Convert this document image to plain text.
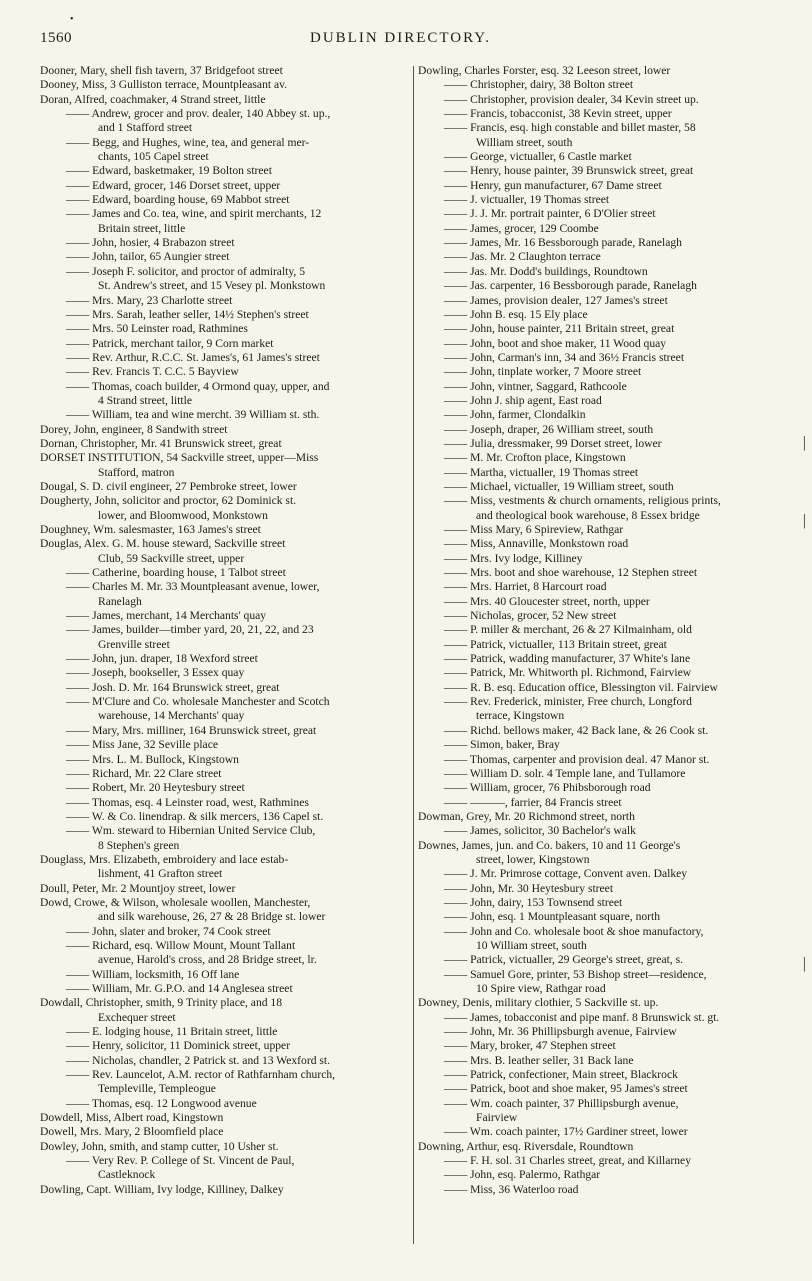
•
1560	DUBLIN DIRECTORY.
Dooner, Mary, shell fish tavern, 37 Bridgefoot street
Dooney, Miss, 3 Gulliston terrace, Mountpleasant av.
Doran, Alfred, coachmaker, 4 Strand street, little
—— Andrew, grocer and prov. dealer, 140 Abbey st. up.,
and 1 Stafford street
—— Begg, and Hughes, wine, tea, and general mer-
chants, 105 Capel street
—— Edward, basketmaker, 19 Bolton street
—— Edward, grocer, 146 Dorset street, upper
—— Edward, boarding house, 69 Mabbot street
—— James and Co. tea, wine, and spirit merchants, 12
Britain street, little
—— John, hosier, 4 Brabazon street
—— John, tailor, 65 Aungier street
—— Joseph F. solicitor, and proctor of admiralty, 5
St. Andrew's street, and 15 Vesey pl. Monkstown
—— Mrs. Mary, 23 Charlotte street
—— Mrs. Sarah, leather seller, 14½ Stephen's street
—— Mrs. 50 Leinster road, Rathmines
—— Patrick, merchant tailor, 9 Corn market
—— Rev. Arthur, R.C.C. St. James's, 61 James's street
—— Rev. Francis T. C.C. 5 Bayview
—— Thomas, coach builder, 4 Ormond quay, upper, and
4 Strand street, little
—— William, tea and wine mercht. 39 William st. sth.
Dorey, John, engineer, 8 Sandwith street
Dornan, Christopher, Mr. 41 Brunswick street, great
DORSET INSTITUTION, 54 Sackville street, upper—Miss
Stafford, matron
Dougal, S. D. civil engineer, 27 Pembroke street, lower
Dougherty, John, solicitor and proctor, 62 Dominick st.
lower, and Bloomwood, Monkstown
Doughney, Wm. salesmaster, 163 James's street
Douglas, Alex. G. M. house steward, Sackville street
Club, 59 Sackville street, upper
—— Catherine, boarding house, 1 Talbot street
—— Charles M. Mr. 33 Mountpleasant avenue, lower,
Ranelagh
—— James, merchant, 14 Merchants' quay
—— James, builder—timber yard, 20, 21, 22, and 23
Grenville street
—— John, jun. draper, 18 Wexford street
—— Joseph, bookseller, 3 Essex quay
—— Josh. D. Mr. 164 Brunswick street, great
—— M'Clure and Co. wholesale Manchester and Scotch
warehouse, 14 Merchants' quay
—— Mary, Mrs. milliner, 164 Brunswick street, great
—— Miss Jane, 32 Seville place
—— Mrs. L. M. Bullock, Kingstown
—— Richard, Mr. 22 Clare street
—— Robert, Mr. 20 Heytesbury street
—— Thomas, esq. 4 Leinster road, west, Rathmines
—— W. & Co. linendrap. & silk mercers, 136 Capel st.
—— Wm. steward to Hibernian United Service Club,
8 Stephen's green
Douglass, Mrs. Elizabeth, embroidery and lace estab-
lishment, 41 Grafton street
Doull, Peter, Mr. 2 Mountjoy street, lower
Dowd, Crowe, & Wilson, wholesale woollen, Manchester,
and silk warehouse, 26, 27 & 28 Bridge st. lower
—— John, slater and broker, 74 Cook street
—— Richard, esq. Willow Mount, Mount Tallant
avenue, Harold's cross, and 28 Bridge street, lr.
—— William, locksmith, 16 Off lane
—— William, Mr. G.P.O. and 14 Anglesea street
Dowdall, Christopher, smith, 9 Trinity place, and 18
Exchequer street
—— E. lodging house, 11 Britain street, little
—— Henry, solicitor, 11 Dominick street, upper
—— Nicholas, chandler, 2 Patrick st. and 13 Wexford st.
—— Rev. Launcelot, A.M. rector of Rathfarnham church,
Templeville, Templeogue
—— Thomas, esq. 12 Longwood avenue
Dowdell, Miss, Albert road, Kingstown
Dowell, Mrs. Mary, 2 Bloomfield place
Dowley, John, smith, and stamp cutter, 10 Usher st.
—— Very Rev. P. College of St. Vincent de Paul,
Castleknock
Dowling, Capt. William, Ivy lodge, Killiney, Dalkey
Dowling, Charles Forster, esq. 32 Leeson street, lower
—— Christopher, dairy, 38 Bolton street
—— Christopher, provision dealer, 34 Kevin street up.
—— Francis, tobacconist, 38 Kevin street, upper
—— Francis, esq. high constable and billet master, 58
William street, south
—— George, victualler, 6 Castle market
—— Henry, house painter, 39 Brunswick street, great
—— Henry, gun manufacturer, 67 Dame street
—— J. victualler, 19 Thomas street
—— J. J. Mr. portrait painter, 6 D'Olier street
—— James, grocer, 129 Coombe
—— James, Mr. 16 Bessborough parade, Ranelagh
—— Jas. Mr. 2 Claughton terrace
—— Jas. Mr. Dodd's buildings, Roundtown
—— Jas. carpenter, 16 Bessborough parade, Ranelagh
—— James, provision dealer, 127 James's street
—— John B. esq. 15 Ely place
—— John, house painter, 211 Britain street, great
—— John, boot and shoe maker, 11 Wood quay
—— John, Carman's inn, 34 and 36½ Francis street
—— John, tinplate worker, 7 Moore street
—— John, vintner, Saggard, Rathcoole
—— John J. ship agent, East road
—— John, farmer, Clondalkin
—— Joseph, draper, 26 William street, south
—— Julia, dressmaker, 99 Dorset street, lower
—— M. Mr. Crofton place, Kingstown
—— Martha, victualler, 19 Thomas street
—— Michael, victualler, 19 William street, south
—— Miss, vestments & church ornaments, religious prints,
and theological book warehouse, 8 Essex bridge
—— Miss Mary, 6 Spireview, Rathgar
—— Miss, Annaville, Monkstown road
—— Mrs. Ivy lodge, Killiney
—— Mrs. boot and shoe warehouse, 12 Stephen street
—— Mrs. Harriet, 8 Harcourt road
—— Mrs. 40 Gloucester street, north, upper
—— Nicholas, grocer, 52 New street
—— P. miller & merchant, 26 & 27 Kilmainham, old
—— Patrick, victualler, 113 Britain street, great
—— Patrick, wadding manufacturer, 37 White's lane
—— Patrick, Mr. Whitworth pl. Richmond, Fairview
—— R. B. esq. Education office, Blessington vil. Fairview
—— Rev. Frederick, minister, Free church, Longford
terrace, Kingstown
—— Richd. bellows maker, 42 Back lane, & 26 Cook st.
—— Simon, baker, Bray
—— Thomas, carpenter and provision deal. 47 Manor st.
—— William D. solr. 4 Temple lane, and Tullamore
—— William, grocer, 76 Phibsborough road
—— ———, farrier, 84 Francis street
Dowman, Grey, Mr. 20 Richmond street, north
—— James, solicitor, 30 Bachelor's walk
Downes, James, jun. and Co. bakers, 10 and 11 George's
street, lower, Kingstown
—— J. Mr. Primrose cottage, Convent aven. Dalkey
—— John, Mr. 30 Heytesbury street
—— John, dairy, 153 Townsend street
—— John, esq. 1 Mountpleasant square, north
—— John and Co. wholesale boot & shoe manufactory,
10 William street, south
—— Patrick, victualler, 29 George's street, great, s.
—— Samuel Gore, printer, 53 Bishop street—residence,
10 Spire view, Rathgar road
Downey, Denis, military clothier, 5 Sackville st. up.
—— James, tobacconist and pipe manf. 8 Brunswick st. gt.
—— John, Mr. 36 Phillipsburgh avenue, Fairview
—— Mary, broker, 47 Stephen street
—— Mrs. B. leather seller, 31 Back lane
—— Patrick, confectioner, Main street, Blackrock
—— Patrick, boot and shoe maker, 95 James's street
—— Wm. coach painter, 37 Phillipsburgh avenue,
Fairview
—— Wm. coach painter, 17½ Gardiner street, lower
Downing, Arthur, esq. Riversdale, Roundtown
—— F. H. sol. 31 Charles street, great, and Killarney
—— John, esq. Palermo, Rathgar
—— Miss, 36 Waterloo road
|
|
|
